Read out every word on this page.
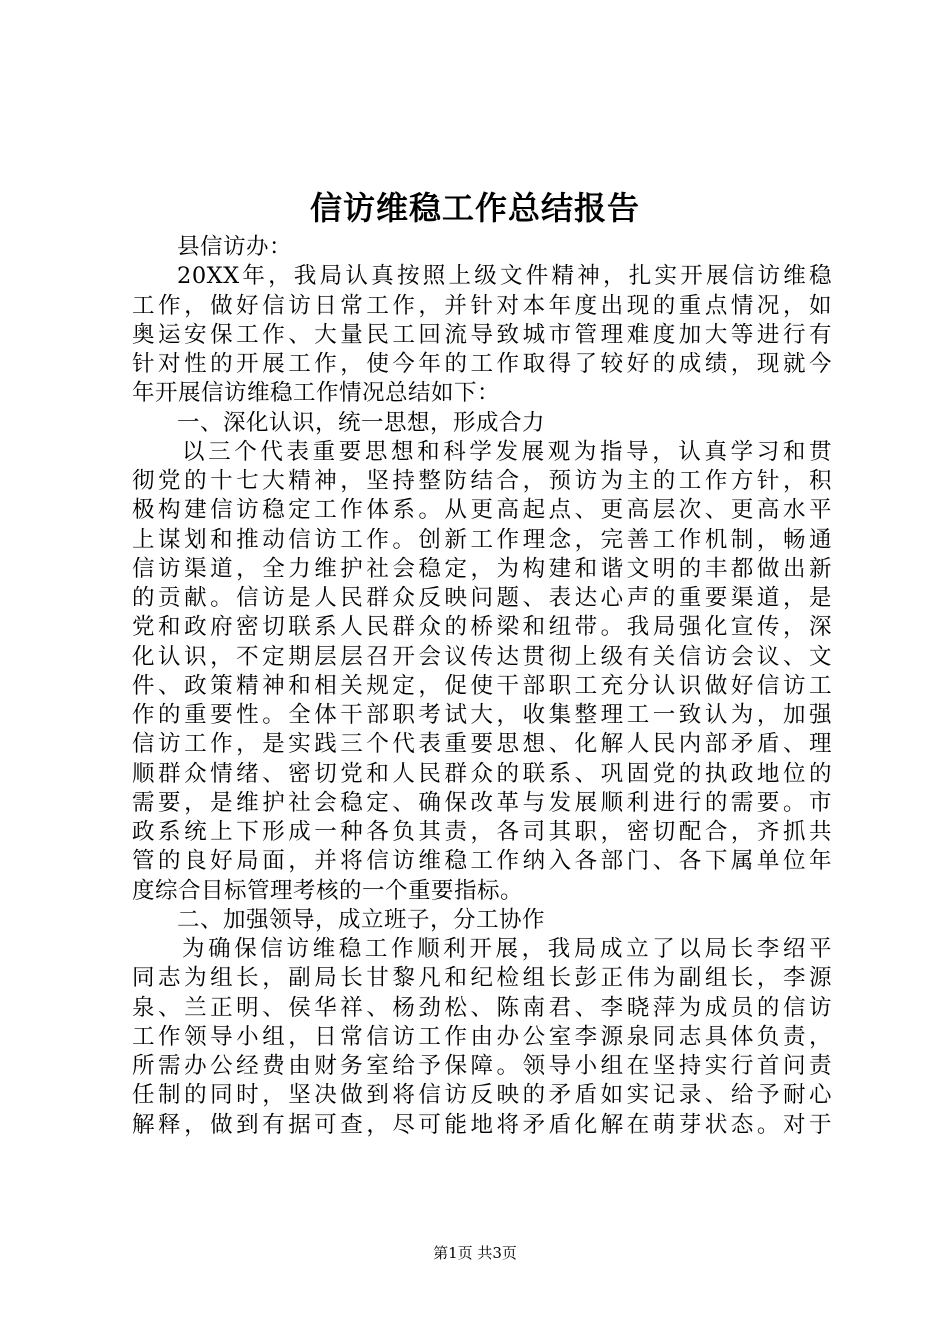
信访维稳工作总结报告
县信访办：
20XX年，我局认真按照上级文件精神，扎实开展信访维稳
工作，做好信访日常工作，并针对本年度出现的重点情况，如
奥运安保工作、大量民工回流导致城市管理难度加大等进行有
针对性的开展工作，使今年的工作取得了较好的成绩，现就今
年开展信访维稳工作情况总结如下：
一、深化认识，统一思想，形成合力
以三个代表重要思想和科学发展观为指导，认真学习和贯
彻党的十七大精神，坚持整防结合，预访为主的工作方针，积
极构建信访稳定工作体系。从更高起点、更高层次、更高水平
上谋划和推动信访工作。创新工作理念，完善工作机制，畅通
信访渠道，全力维护社会稳定，为构建和谐文明的丰都做出新
的贡献。信访是人民群众反映问题、表达心声的重要渠道，是
党和政府密切联系人民群众的桥梁和纽带。我局强化宣传，深
化认识，不定期层层召开会议传达贯彻上级有关信访会议、文
件、政策精神和相关规定，促使干部职工充分认识做好信访工
作的重要性。全体干部职考试大，收集整理工一致认为，加强
信访工作，是实践三个代表重要思想、化解人民内部矛盾、理
顺群众情绪、密切党和人民群众的联系、巩固党的执政地位的
需要，是维护社会稳定、确保改革与发展顺利进行的需要。市
政系统上下形成一种各负其责，各司其职，密切配合，齐抓共
管的良好局面，并将信访维稳工作纳入各部门、各下属单位年
度综合目标管理考核的一个重要指标。
二、加强领导，成立班子，分工协作
为确保信访维稳工作顺利开展，我局成立了以局长李绍平
同志为组长，副局长甘黎凡和纪检组长彭正伟为副组长，李源
泉、兰正明、侯华祥、杨劲松、陈南君、李晓萍为成员的信访
工作领导小组，日常信访工作由办公室李源泉同志具体负责，
所需办公经费由财务室给予保障。领导小组在坚持实行首问责
任制的同时，坚决做到将信访反映的矛盾如实记录、给予耐心
解释，做到有据可查，尽可能地将矛盾化解在萌芽状态。对于
第1页 共3页
